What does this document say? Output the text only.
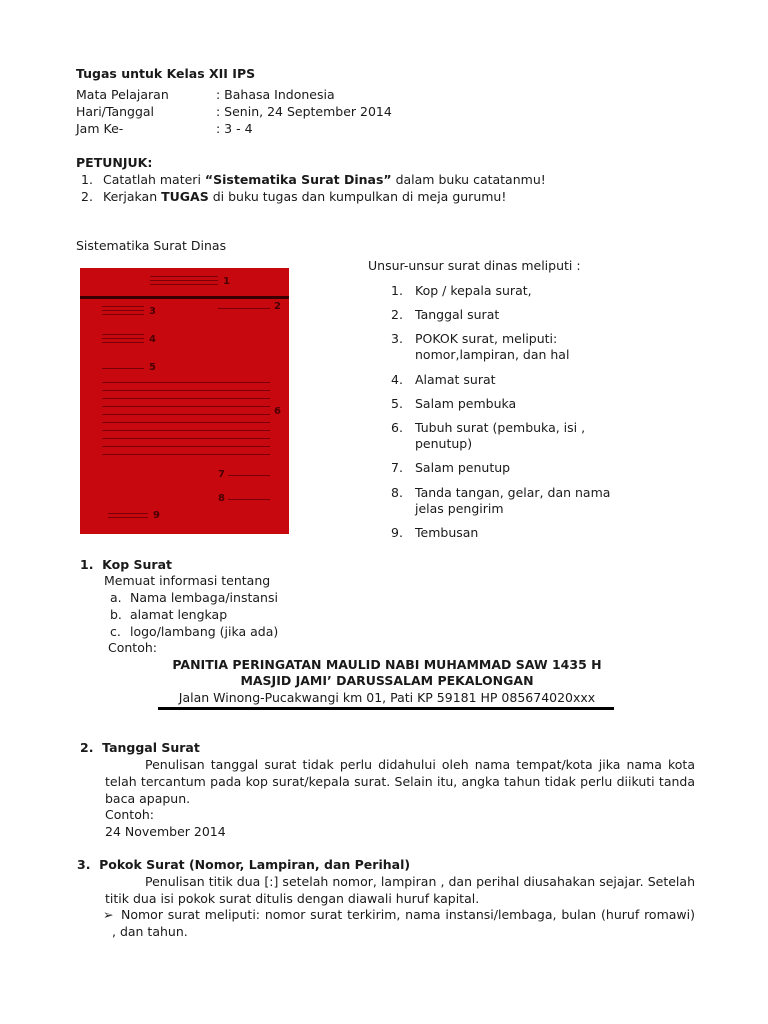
Tugas untuk Kelas XII IPS
Mata Pelajaran	: Bahasa Indonesia
Hari/Tanggal	: Senin, 24 September 2014
Jam Ke-	: 3 - 4
PETUNJUK:
1. Catatlah materi “Sistematika Surat Dinas” dalam buku catatanmu!
2. Kerjakan TUGAS di buku tugas dan kumpulkan di meja gurumu!
Sistematika Surat Dinas
1
2
3
4
5
6
7
8
9
Unsur-unsur surat dinas meliputi :
1. Kop / kepala surat,
2. Tanggal surat
3. POKOK surat, meliputi:
nomor,lampiran, dan hal
4. Alamat surat
5. Salam pembuka
6. Tubuh surat (pembuka, isi ,
penutup)
7. Salam penutup
8. Tanda tangan, gelar, dan nama
jelas pengirim
9. Tembusan
1.  Kop Surat
Memuat informasi tentang
a. Nama lembaga/instansi
b. alamat lengkap
c. logo/lambang (jika ada)
Contoh:
PANITIA PERINGATAN MAULID NABI MUHAMMAD SAW 1435 H
MASJID JAMI’ DARUSSALAM PEKALONGAN
Jalan Winong-Pucakwangi km 01, Pati KP 59181 HP 085674020xxx
2.  Tanggal Surat
Penulisan tanggal surat tidak perlu didahului oleh nama tempat/kota jika nama kota
telah tercantum pada kop surat/kepala surat. Selain itu, angka tahun tidak perlu diikuti tanda
baca apapun.
Contoh:
24 November 2014
3.  Pokok Surat (Nomor, Lampiran, dan Perihal)
Penulisan titik dua [:] setelah nomor, lampiran , dan perihal diusahakan sejajar. Setelah
titik dua isi pokok surat ditulis dengan diawali huruf kapital.
➢ Nomor surat meliputi: nomor surat terkirim, nama instansi/lembaga, bulan (huruf romawi)
, dan tahun.
